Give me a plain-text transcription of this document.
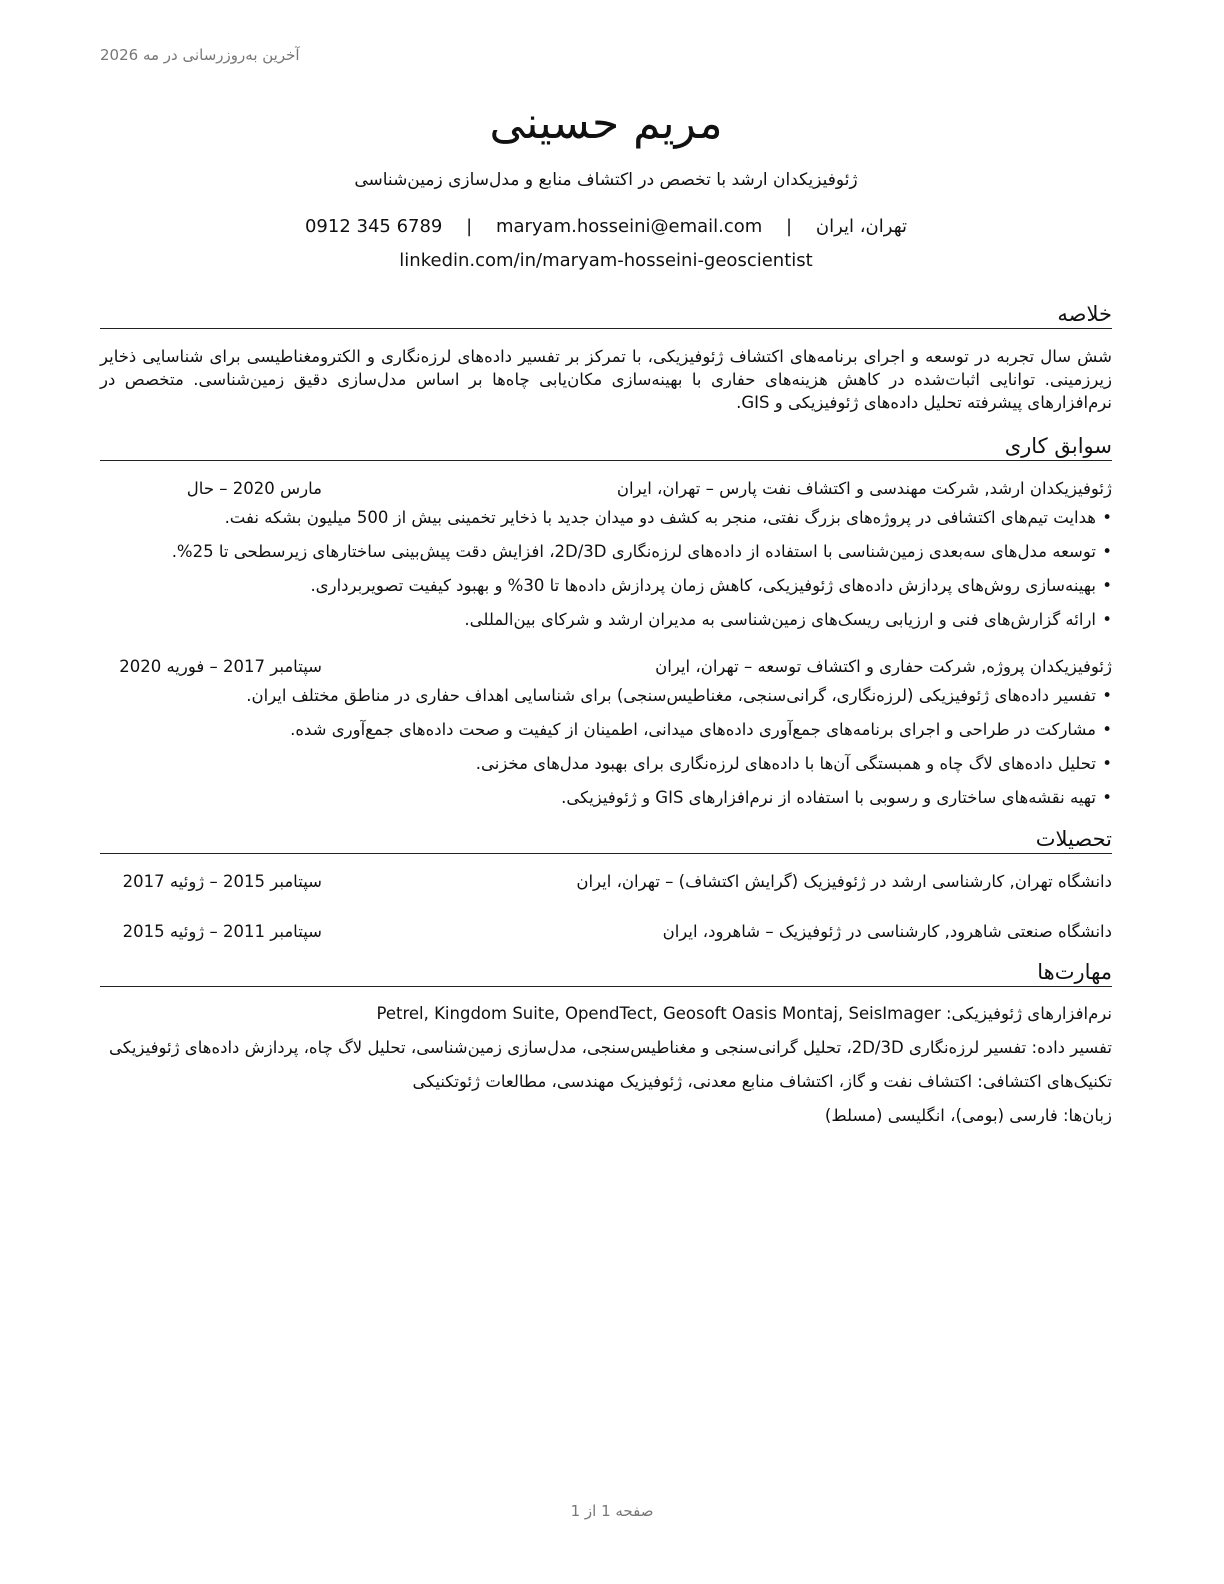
آخرین به‌روزرسانی در مه 2026
مریم حسینی
ژئوفیزیکدان ارشد با تخصص در اکتشاف منابع و مدل‌سازی زمین‌شناسی
تهران، ایران | maryam.hosseini@email.com | 0912 345 6789
linkedin.com/in/maryam-hosseini-geoscientist
خلاصه
شش سال تجربه در توسعه و اجرای برنامه‌های اکتشاف ژئوفیزیکی، با تمرکز بر تفسیر داده‌های لرزه‌نگاری و الکترومغناطیسی برای شناسایی ذخایر زیرزمینی. توانایی اثبات‌شده در کاهش هزینه‌های حفاری با بهینه‌سازی مکان‌یابی چاه‌ها بر اساس مدل‌سازی دقیق زمین‌شناسی. متخصص در نرم‌افزارهای پیشرفته تحلیل داده‌های ژئوفیزیکی و GIS.
سوابق کاری
ژئوفیزیکدان ارشد, شرکت مهندسی و اکتشاف نفت پارس – تهران، ایران
مارس 2020 – حال
•
هدایت تیم‌های اکتشافی در پروژه‌های بزرگ نفتی، منجر به کشف دو میدان جدید با ذخایر تخمینی بیش از 500 میلیون بشکه نفت.
•
توسعه مدل‌های سه‌بعدی زمین‌شناسی با استفاده از داده‌های لرزه‌نگاری 2D/3D، افزایش دقت پیش‌بینی ساختارهای زیرسطحی تا 25%.
•
بهینه‌سازی روش‌های پردازش داده‌های ژئوفیزیکی، کاهش زمان پردازش داده‌ها تا 30% و بهبود کیفیت تصویربرداری.
•
ارائه گزارش‌های فنی و ارزیابی ریسک‌های زمین‌شناسی به مدیران ارشد و شرکای بین‌المللی.
ژئوفیزیکدان پروژه, شرکت حفاری و اکتشاف توسعه – تهران، ایران
سپتامبر 2017 – فوریه 2020
•
تفسیر داده‌های ژئوفیزیکی (لرزه‌نگاری، گرانی‌سنجی، مغناطیس‌سنجی) برای شناسایی اهداف حفاری در مناطق مختلف ایران.
•
مشارکت در طراحی و اجرای برنامه‌های جمع‌آوری داده‌های میدانی، اطمینان از کیفیت و صحت داده‌های جمع‌آوری شده.
•
تحلیل داده‌های لاگ چاه و همبستگی آن‌ها با داده‌های لرزه‌نگاری برای بهبود مدل‌های مخزنی.
•
تهیه نقشه‌های ساختاری و رسوبی با استفاده از نرم‌افزارهای GIS و ژئوفیزیکی.
تحصیلات
دانشگاه تهران, کارشناسی ارشد در ژئوفیزیک (گرایش اکتشاف) – تهران، ایران
سپتامبر 2015 – ژوئیه 2017
دانشگاه صنعتی شاهرود, کارشناسی در ژئوفیزیک – شاهرود، ایران
سپتامبر 2011 – ژوئیه 2015
مهارت‌ها
نرم‌افزارهای ژئوفیزیکی: Petrel, Kingdom Suite, OpendTect, Geosoft Oasis Montaj, SeisImager
تفسیر داده: تفسیر لرزه‌نگاری 2D/3D، تحلیل گرانی‌سنجی و مغناطیس‌سنجی، مدل‌سازی زمین‌شناسی، تحلیل لاگ چاه، پردازش داده‌های ژئوفیزیکی
تکنیک‌های اکتشافی: اکتشاف نفت و گاز، اکتشاف منابع معدنی، ژئوفیزیک مهندسی، مطالعات ژئوتکنیکی
زبان‌ها: فارسی (بومی)، انگلیسی (مسلط)
صفحه 1 از 1
